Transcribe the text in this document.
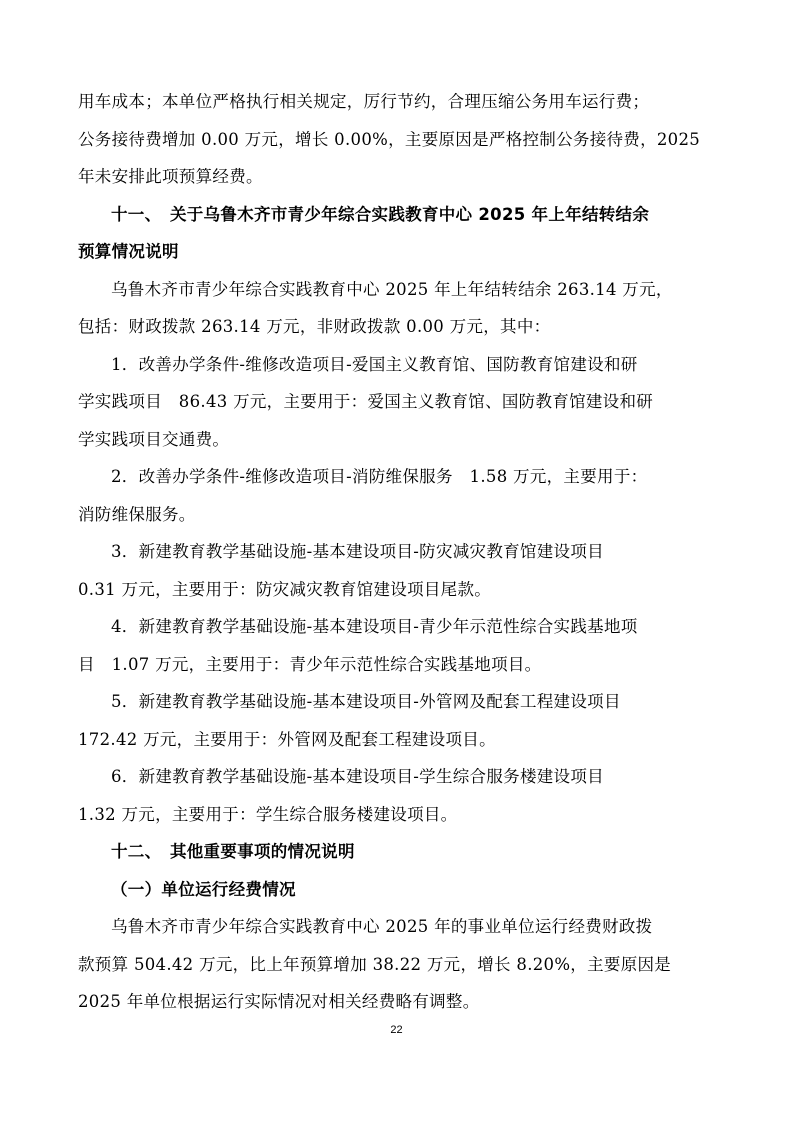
用车成本；本单位严格执行相关规定，厉行节约，合理压缩公务用车运行费；
公务接待费增加 0.00 万元，增长 0.00%，主要原因是严格控制公务接待费，2025
年未安排此项预算经费。
十一、　关于乌鲁木齐市青少年综合实践教育中心 2025 年上年结转结余
预算情况说明
乌鲁木齐市青少年综合实践教育中心 2025 年上年结转结余 263.14 万元，
包括：财政拨款 263.14 万元，非财政拨款 0.00 万元，其中：
1．改善办学条件-维修改造项目-爱国主义教育馆、国防教育馆建设和研
学实践项目　86.43 万元，主要用于：爱国主义教育馆、国防教育馆建设和研
学实践项目交通费。
2．改善办学条件-维修改造项目-消防维保服务　1.58 万元，主要用于：
消防维保服务。
3．新建教育教学基础设施-基本建设项目-防灾减灾教育馆建设项目
0.31 万元，主要用于：防灾减灾教育馆建设项目尾款。
4．新建教育教学基础设施-基本建设项目-青少年示范性综合实践基地项
目　1.07 万元，主要用于：青少年示范性综合实践基地项目。
5．新建教育教学基础设施-基本建设项目-外管网及配套工程建设项目
172.42 万元，主要用于：外管网及配套工程建设项目。
6．新建教育教学基础设施-基本建设项目-学生综合服务楼建设项目
1.32 万元，主要用于：学生综合服务楼建设项目。
十二、　其他重要事项的情况说明
（一）单位运行经费情况
乌鲁木齐市青少年综合实践教育中心 2025 年的事业单位运行经费财政拨
款预算 504.42 万元，比上年预算增加 38.22 万元，增长 8.20%，主要原因是
2025 年单位根据运行实际情况对相关经费略有调整。
22
